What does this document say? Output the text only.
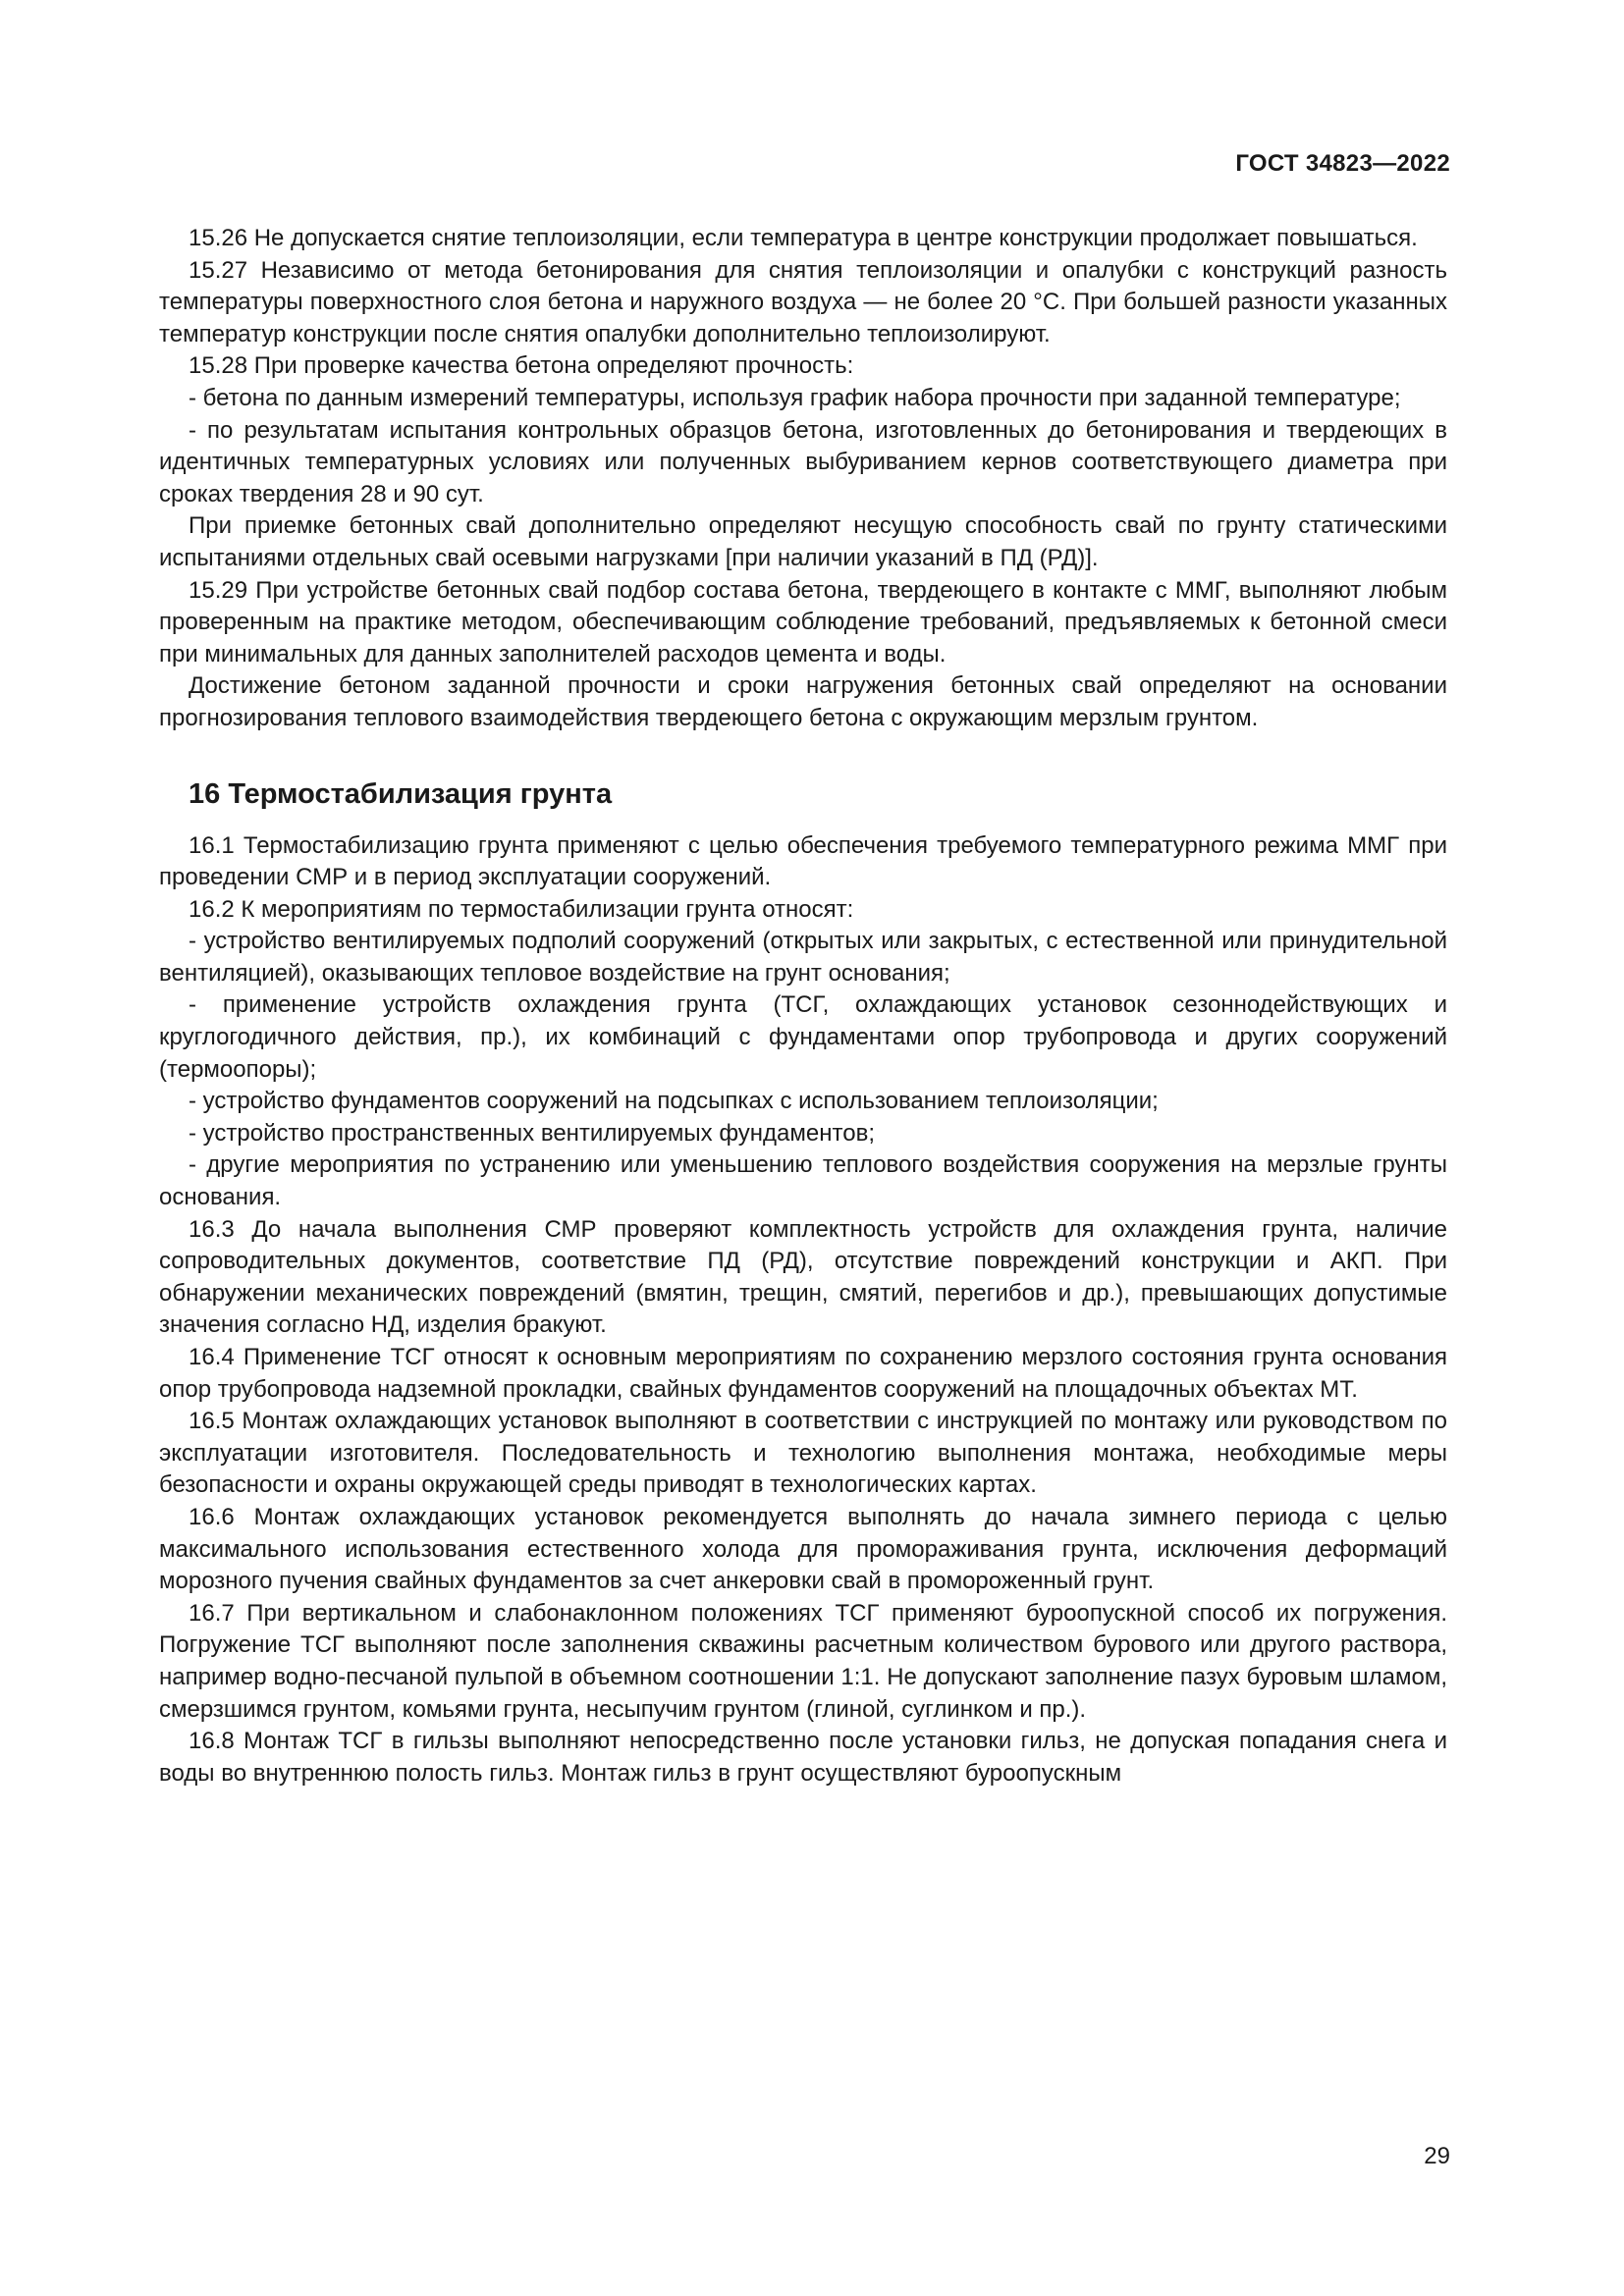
ГОСТ 34823—2022

15.26 Не допускается снятие теплоизоляции, если температура в центре конструкции продолжает повышаться.

15.27 Независимо от метода бетонирования для снятия теплоизоляции и опалубки с конструкций разность температуры поверхностного слоя бетона и наружного воздуха — не более 20 °С. При большей разности указанных температур конструкции после снятия опалубки дополнительно теплоизолируют.

15.28 При проверке качества бетона определяют прочность:

- бетона по данным измерений температуры, используя график набора прочности при заданной температуре;

- по результатам испытания контрольных образцов бетона, изготовленных до бетонирования и твердеющих в идентичных температурных условиях или полученных выбуриванием кернов соответствующего диаметра при сроках твердения 28 и 90 сут.

При приемке бетонных свай дополнительно определяют несущую способность свай по грунту статическими испытаниями отдельных свай осевыми нагрузками [при наличии указаний в ПД (РД)].

15.29 При устройстве бетонных свай подбор состава бетона, твердеющего в контакте с ММГ, выполняют любым проверенным на практике методом, обеспечивающим соблюдение требований, предъявляемых к бетонной смеси при минимальных для данных заполнителей расходов цемента и воды.

Достижение бетоном заданной прочности и сроки нагружения бетонных свай определяют на основании прогнозирования теплового взаимодействия твердеющего бетона с окружающим мерзлым грунтом.

16 Термостабилизация грунта

16.1 Термостабилизацию грунта применяют с целью обеспечения требуемого температурного режима ММГ при проведении СМР и в период эксплуатации сооружений.

16.2 К мероприятиям по термостабилизации грунта относят:

- устройство вентилируемых подполий сооружений (открытых или закрытых, с естественной или принудительной вентиляцией), оказывающих тепловое воздействие на грунт основания;

- применение устройств охлаждения грунта (ТСГ, охлаждающих установок сезоннодействующих и круглогодичного действия, пр.), их комбинаций с фундаментами опор трубопровода и других сооружений (термоопоры);

- устройство фундаментов сооружений на подсыпках с использованием теплоизоляции;

- устройство пространственных вентилируемых фундаментов;

- другие мероприятия по устранению или уменьшению теплового воздействия сооружения на мерзлые грунты основания.

16.3 До начала выполнения СМР проверяют комплектность устройств для охлаждения грунта, наличие сопроводительных документов, соответствие ПД (РД), отсутствие повреждений конструкции и АКП. При обнаружении механических повреждений (вмятин, трещин, смятий, перегибов и др.), превышающих допустимые значения согласно НД, изделия бракуют.

16.4 Применение ТСГ относят к основным мероприятиям по сохранению мерзлого состояния грунта основания опор трубопровода надземной прокладки, свайных фундаментов сооружений на площадочных объектах МТ.

16.5 Монтаж охлаждающих установок выполняют в соответствии с инструкцией по монтажу или руководством по эксплуатации изготовителя. Последовательность и технологию выполнения монтажа, необходимые меры безопасности и охраны окружающей среды приводят в технологических картах.

16.6 Монтаж охлаждающих установок рекомендуется выполнять до начала зимнего периода с целью максимального использования естественного холода для промораживания грунта, исключения деформаций морозного пучения свайных фундаментов за счет анкеровки свай в промороженный грунт.

16.7 При вертикальном и слабонаклонном положениях ТСГ применяют буроопускной способ их погружения. Погружение ТСГ выполняют после заполнения скважины расчетным количеством бурового или другого раствора, например водно-песчаной пульпой в объемном соотношении 1:1. Не допускают заполнение пазух буровым шламом, смерзшимся грунтом, комьями грунта, несыпучим грунтом (глиной, суглинком и пр.).

16.8 Монтаж ТСГ в гильзы выполняют непосредственно после установки гильз, не допуская попадания снега и воды во внутреннюю полость гильз. Монтаж гильз в грунт осуществляют буроопускным

29
